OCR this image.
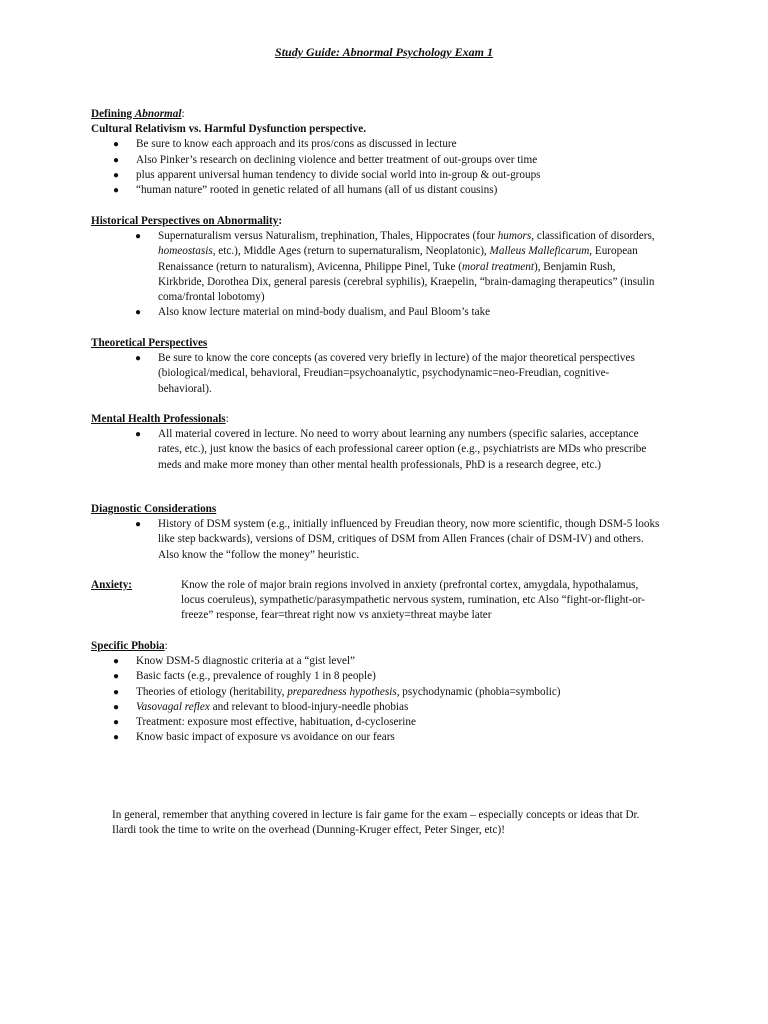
Study Guide: Abnormal Psychology Exam 1
Defining Abnormal:
Cultural Relativism vs. Harmful Dysfunction perspective.
● Be sure to know each approach and its pros/cons as discussed in lecture
● Also Pinker’s research on declining violence and better treatment of out-groups over time
● plus apparent universal human tendency to divide social world into in-group & out-groups
● “human nature” rooted in genetic related of all humans (all of us distant cousins)
Historical Perspectives on Abnormality:
● Supernaturalism versus Naturalism, trephination, Thales, Hippocrates (four humors, classification of disorders, homeostasis, etc.), Middle Ages (return to supernaturalism, Neoplatonic), Malleus Malleficarum, European Renaissance (return to naturalism), Avicenna, Philippe Pinel, Tuke (moral treatment), Benjamin Rush, Kirkbride, Dorothea Dix, general paresis (cerebral syphilis), Kraepelin, “brain-damaging therapeutics” (insulin coma/frontal lobotomy)
● Also know lecture material on mind-body dualism, and Paul Bloom’s take
Theoretical Perspectives
● Be sure to know the core concepts (as covered very briefly in lecture) of the major theoretical perspectives (biological/medical, behavioral, Freudian=psychoanalytic, psychodynamic=neo-Freudian, cognitive-behavioral).
Mental Health Professionals:
● All material covered in lecture. No need to worry about learning any numbers (specific salaries, acceptance rates, etc.), just know the basics of each professional career option (e.g., psychiatrists are MDs who prescribe meds and make more money than other mental health professionals, PhD is a research degree, etc.)
Diagnostic Considerations
● History of DSM system (e.g., initially influenced by Freudian theory, now more scientific, though DSM-5 looks like step backwards), versions of DSM, critiques of DSM from Allen Frances (chair of DSM-IV) and others. Also know the “follow the money” heuristic.
Anxiety:	Know the role of major brain regions involved in anxiety (prefrontal cortex, amygdala, hypothalamus, locus coeruleus), sympathetic/parasympathetic nervous system, rumination, etc Also “fight-or-flight-or-freeze” response, fear=threat right now vs anxiety=threat maybe later
Specific Phobia:
● Know DSM-5 diagnostic criteria at a “gist level”
● Basic facts (e.g., prevalence of roughly 1 in 8 people)
● Theories of etiology (heritability, preparedness hypothesis, psychodynamic (phobia=symbolic)
● Vasovagal reflex and relevant to blood-injury-needle phobias
● Treatment: exposure most effective, habituation, d-cycloserine
● Know basic impact of exposure vs avoidance on our fears
In general, remember that anything covered in lecture is fair game for the exam – especially concepts or ideas that Dr. Ilardi took the time to write on the overhead (Dunning-Kruger effect, Peter Singer, etc)!
